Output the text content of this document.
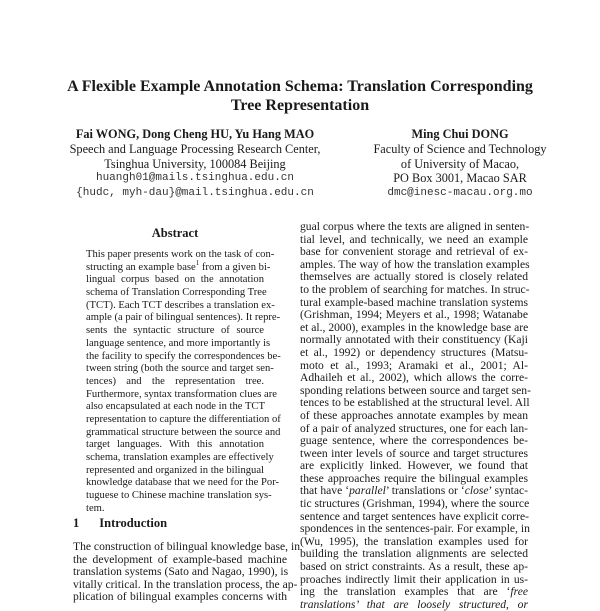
A Flexible Example Annotation Schema: Translation Corresponding
Tree Representation
Fai WONG, Dong Cheng HU, Yu Hang MAO
Speech and Language Processing Research Center,
Tsinghua University, 100084 Beijing
huangh01@mails.tsinghua.edu.cn
{hudc, myh-dau}@mail.tsinghua.edu.cn
Ming Chui DONG
Faculty of Science and Technology
of University of Macao,
PO Box 3001, Macao SAR
dmc@inesc-macau.org.mo
Abstract
This paper presents work on the task of con-
structing an example base$^1$ from a given bi-
lingual corpus based on the annotation
schema of Translation Corresponding Tree
(TCT). Each TCT describes a translation ex-
ample (a pair of bilingual sentences). It repre-
sents the syntactic structure of source
language sentence, and more importantly is
the facility to specify the correspondences be-
tween string (both the source and target sen-
tences) and the representation tree.
Furthermore, syntax transformation clues are
also encapsulated at each node in the TCT
representation to capture the differentiation of
grammatical structure between the source and
target languages. With this annotation
schema, translation examples are effectively
represented and organized in the bilingual
knowledge database that we need for the Por-
tuguese to Chinese machine translation sys-
tem.
1 Introduction
The construction of bilingual knowledge base, in
the development of example-based machine
translation systems (Sato and Nagao, 1990), is
vitally critical. In the translation process, the ap-
plication of bilingual examples concerns with
gual corpus where the texts are aligned in senten-
tial level, and technically, we need an example
base for convenient storage and retrieval of ex-
amples. The way of how the translation examples
themselves are actually stored is closely related
to the problem of searching for matches. In struc-
tural example-based machine translation systems
(Grishman, 1994; Meyers et al., 1998; Watanabe
et al., 2000), examples in the knowledge base are
normally annotated with their constituency (Kaji
et al., 1992) or dependency structures (Matsu-
moto et al., 1993; Aramaki et al., 2001; Al-
Adhaileh et al., 2002), which allows the corre-
sponding relations between source and target sen-
tences to be established at the structural level. All
of these approaches annotate examples by mean
of a pair of analyzed structures, one for each lan-
guage sentence, where the correspondences be-
tween inter levels of source and target structures
are explicitly linked. However, we found that
these approaches require the bilingual examples
that have ‘parallel’ translations or ‘close’ syntac-
tic structures (Grishman, 1994), where the source
sentence and target sentences have explicit corre-
spondences in the sentences-pair. For example, in
(Wu, 1995), the translation examples used for
building the translation alignments are selected
based on strict constraints. As a result, these ap-
proaches indirectly limit their application in us-
ing the translation examples that are ‘free
translations’ that are loosely structured, or
